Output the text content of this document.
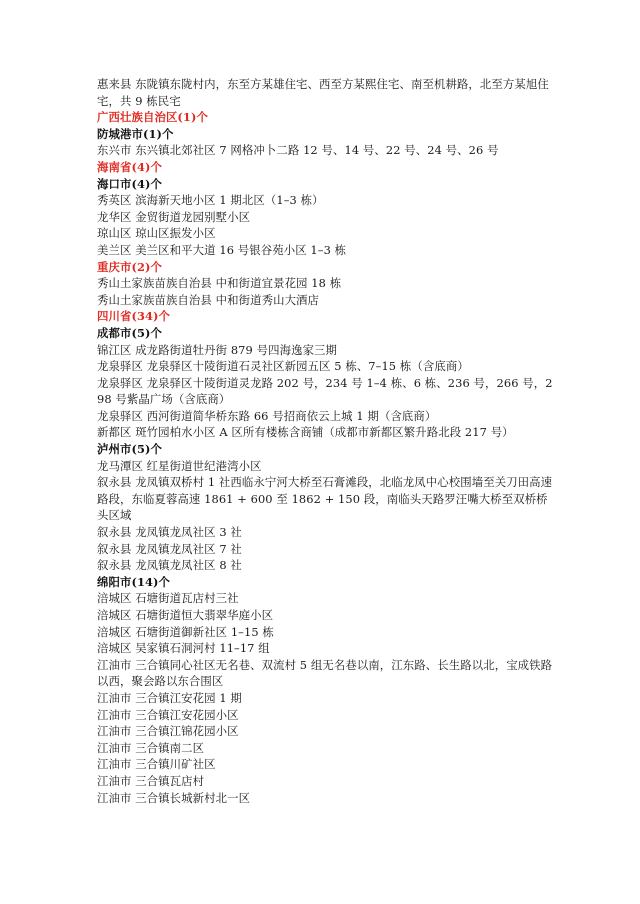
惠来县 东陇镇东陇村内，东至方某雄住宅、西至方某熙住宅、南至机耕路，北至方某旭住宅，共 9 栋民宅
广西壮族自治区(1)个
防城港市(1)个
东兴市 东兴镇北郊社区 7 网格冲卜二路 12 号、14 号、22 号、24 号、26 号
海南省(4)个
海口市(4)个
秀英区 滨海新天地小区 1 期北区（1–3 栋）
龙华区 金贸街道龙园别墅小区
琼山区 琼山区振发小区
美兰区 美兰区和平大道 16 号银谷苑小区 1–3 栋
重庆市(2)个
秀山土家族苗族自治县 中和街道宜景花园 18 栋
秀山土家族苗族自治县 中和街道秀山大酒店
四川省(34)个
成都市(5)个
锦江区 成龙路街道牡丹街 879 号四海逸家三期
龙泉驿区 龙泉驿区十陵街道石灵社区新园五区 5 栋、7–15 栋（含底商）
龙泉驿区 龙泉驿区十陵街道灵龙路 202 号，234 号 1–4 栋、6 栋、236 号，266 号，298 号紫晶广场（含底商）
龙泉驿区 西河街道简华桥东路 66 号招商依云上城 1 期（含底商）
新都区 斑竹园柏水小区 A 区所有楼栋含商铺（成都市新都区繁升路北段 217 号）
泸州市(5)个
龙马潭区 红星街道世纪港湾小区
叙永县 龙凤镇双桥村 1 社西临永宁河大桥至石膏滩段，北临龙凤中心校围墙至关刀田高速路段，东临夏蓉高速 1861 + 600 至 1862 + 150 段，南临头天路罗汪嘴大桥至双桥桥头区域
叙永县 龙凤镇龙凤社区 3 社
叙永县 龙凤镇龙凤社区 7 社
叙永县 龙凤镇龙凤社区 8 社
绵阳市(14)个
涪城区 石塘街道瓦店村三社
涪城区 石塘街道恒大翡翠华庭小区
涪城区 石塘街道御新社区 1–15 栋
涪城区 吴家镇石洞河村 11–17 组
江油市 三合镇同心社区无名巷、双流村 5 组无名巷以南，江东路、长生路以北，宝成铁路以西，聚会路以东合围区
江油市 三合镇江安花园 1 期
江油市 三合镇江安花园小区
江油市 三合镇江锦花园小区
江油市 三合镇南二区
江油市 三合镇川矿社区
江油市 三合镇瓦店村
江油市 三合镇长城新村北一区
